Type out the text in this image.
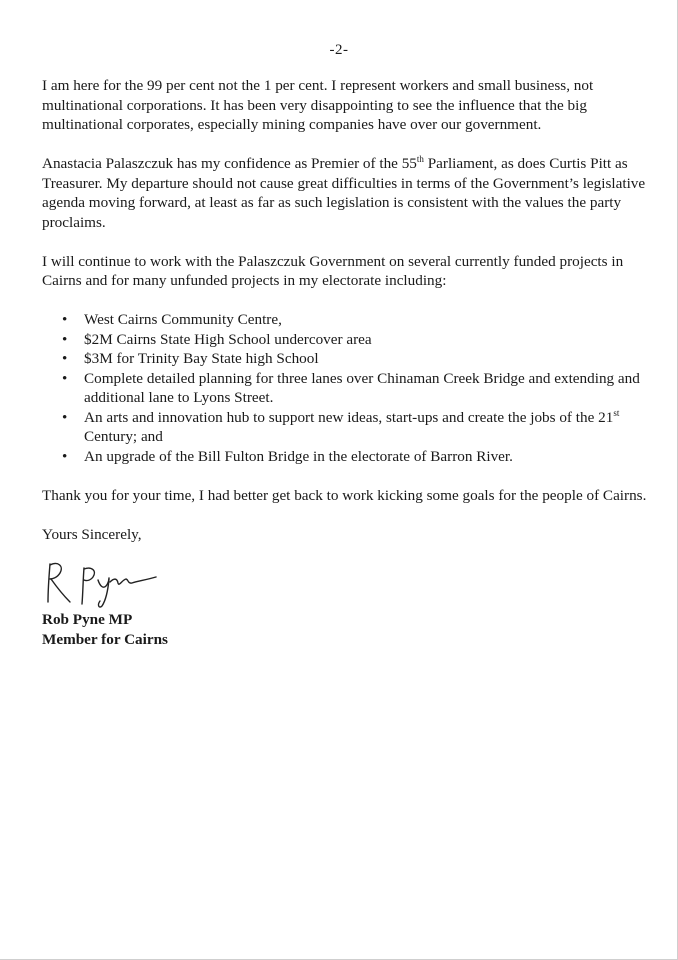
-2-

I am here for the 99 per cent not the 1 per cent. I represent workers and small business, not multinational corporations. It has been very disappointing to see the influence that the big multinational corporates, especially mining companies have over our government.

Anastacia Palaszczuk has my confidence as Premier of the 55th Parliament, as does Curtis Pitt as Treasurer. My departure should not cause great difficulties in terms of the Government’s legislative agenda moving forward, at least as far as such legislation is consistent with the values the party proclaims.

I will continue to work with the Palaszczuk Government on several currently funded projects in Cairns and for many unfunded projects in my electorate including:

• West Cairns Community Centre,
• $2M Cairns State High School undercover area
• $3M for Trinity Bay State high School
• Complete detailed planning for three lanes over Chinaman Creek Bridge and extending and additional lane to Lyons Street.
• An arts and innovation hub to support new ideas, start-ups and create the jobs of the 21st Century; and
• An upgrade of the Bill Fulton Bridge in the electorate of Barron River.

Thank you for your time, I had better get back to work kicking some goals for the people of Cairns.

Yours Sincerely,

Rob Pyne MP

Member for Cairns
